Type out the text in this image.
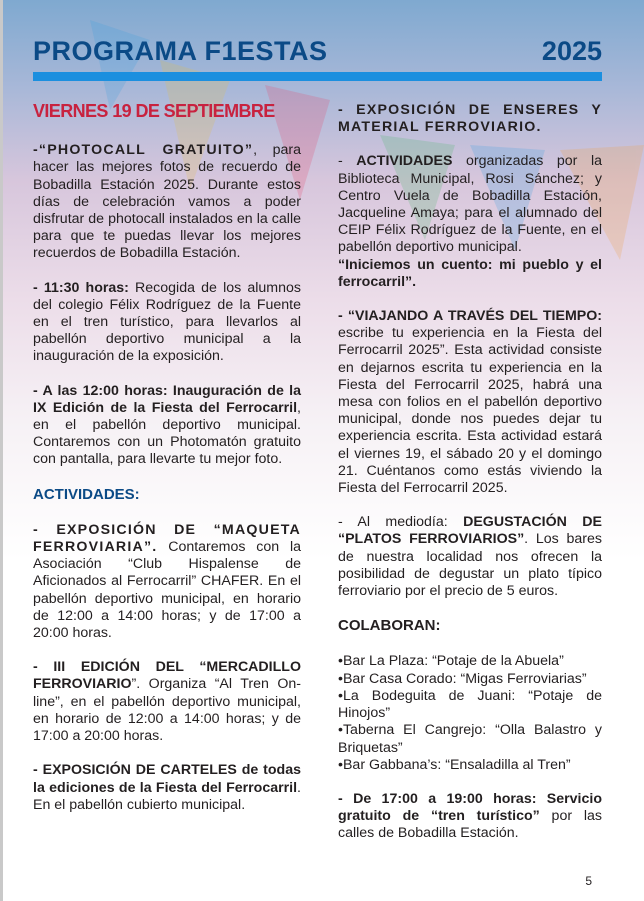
PROGRAMA F1ESTAS	2025
VIERNES 19 DE SEPTIEMBRE

-“PHOTOCALL GRATUITO”, para hacer las mejores fotos de recuerdo de Bobadilla Estación 2025. Durante estos días de celebración vamos a poder disfrutar de photocall instalados en la calle para que te puedas llevar los mejores recuerdos de Bobadilla Estación.

- 11:30 horas: Recogida de los alumnos del colegio Félix Rodríguez de la Fuente en el tren turístico, para llevarlos al pabellón deportivo municipal a la inauguración de la exposición.

- A las 12:00 horas: Inauguración de la IX Edición de la Fiesta del Ferrocarril, en el pabellón deportivo municipal. Contaremos con un Photomatón gratuito con pantalla, para llevarte tu mejor foto.

ACTIVIDADES:

- EXPOSICIÓN DE “MAQUETA FERROVIARIA”. Contaremos con la Asociación “Club Hispalense de Aficionados al Ferrocarril” CHAFER. En el pabellón deportivo municipal, en horario de 12:00 a 14:00 horas; y de 17:00 a 20:00 horas.

- III EDICIÓN DEL “MERCADILLO FERROVIARIO”. Organiza “Al Tren On-line”, en el pabellón deportivo municipal, en horario de 12:00 a 14:00 horas; y de 17:00 a 20:00 horas.

- EXPOSICIÓN DE CARTELES de todas la ediciones de la Fiesta del Ferrocarril. En el pabellón cubierto municipal.

- EXPOSICIÓN DE ENSERES Y MATERIAL FERROVIARIO.

- ACTIVIDADES organizadas por la Biblioteca Municipal, Rosi Sánchez; y Centro Vuela de Bobadilla Estación, Jacqueline Amaya; para el alumnado del CEIP Félix Rodríguez de la Fuente, en el pabellón deportivo municipal.
“Iniciemos un cuento: mi pueblo y el ferrocarril”.

- “VIAJANDO A TRAVÉS DEL TIEMPO: escribe tu experiencia en la Fiesta del Ferrocarril 2025”. Esta actividad consiste en dejarnos escrita tu experiencia en la Fiesta del Ferrocarril 2025, habrá una mesa con folios en el pabellón deportivo municipal, donde nos puedes dejar tu experiencia escrita. Esta actividad estará el viernes 19, el sábado 20 y el domingo 21. Cuéntanos como estás viviendo la Fiesta del Ferrocarril 2025.

- Al mediodía: DEGUSTACIÓN DE “PLATOS FERROVIARIOS”. Los bares de nuestra localidad nos ofrecen la posibilidad de degustar un plato típico ferroviario por el precio de 5 euros.

COLABORAN:
•Bar La Plaza: “Potaje de la Abuela”
•Bar Casa Corado: “Migas Ferroviarias”
•La Bodeguita de Juani: “Potaje de Hinojos”
•Taberna El Cangrejo: “Olla Balastro y Briquetas”
•Bar Gabbana’s: “Ensaladilla al Tren”

- De 17:00 a 19:00 horas: Servicio gratuito de “tren turístico” por las calles de Bobadilla Estación.

5
